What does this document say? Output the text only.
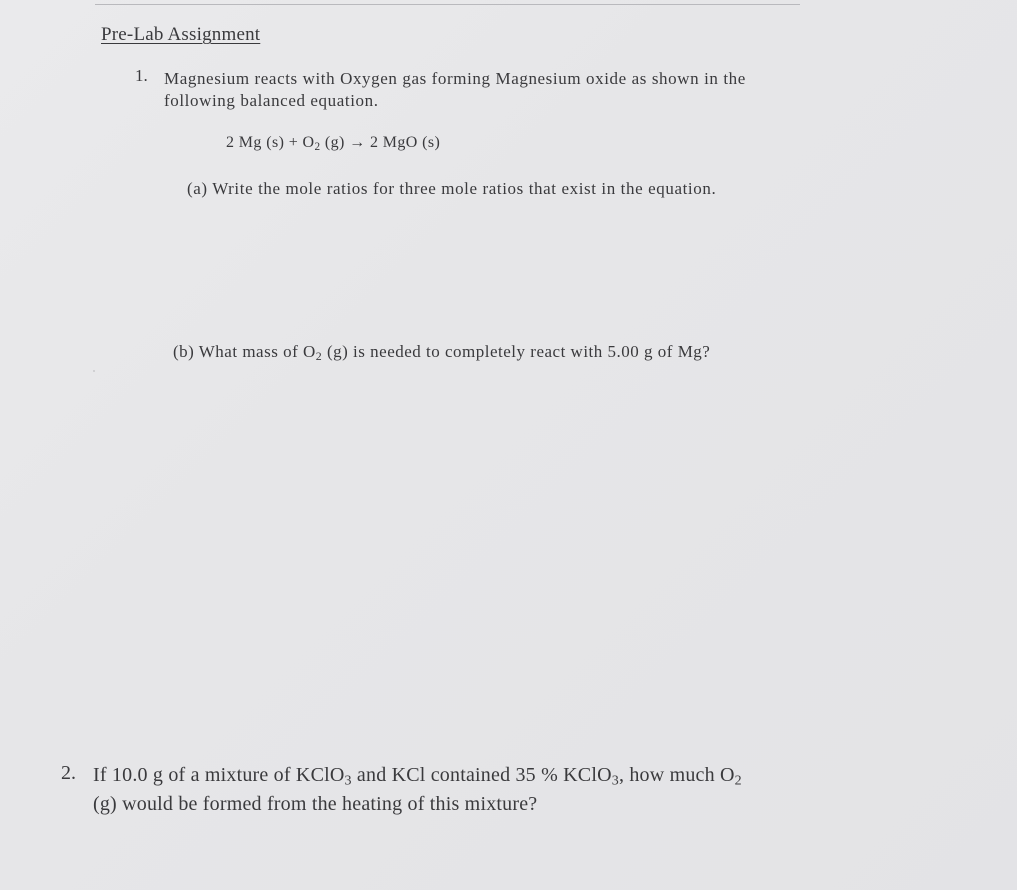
Pre-Lab Assignment
1. Magnesium reacts with Oxygen gas forming Magnesium oxide as shown in the
following balanced equation.
2 Mg $(s) + O_2$ (g) → 2 MgO (s)
(a) Write the mole ratios for three mole ratios that exist in the equation.
(b) What mass of $O_2$ (g) is needed to completely react with 5.00 g of Mg?
2. If 10.0 g of a mixture of KClO$_3$ and KCl contained 35 % KClO$_3$, how much $O_2$
(g) would be formed from the heating of this mixture?
